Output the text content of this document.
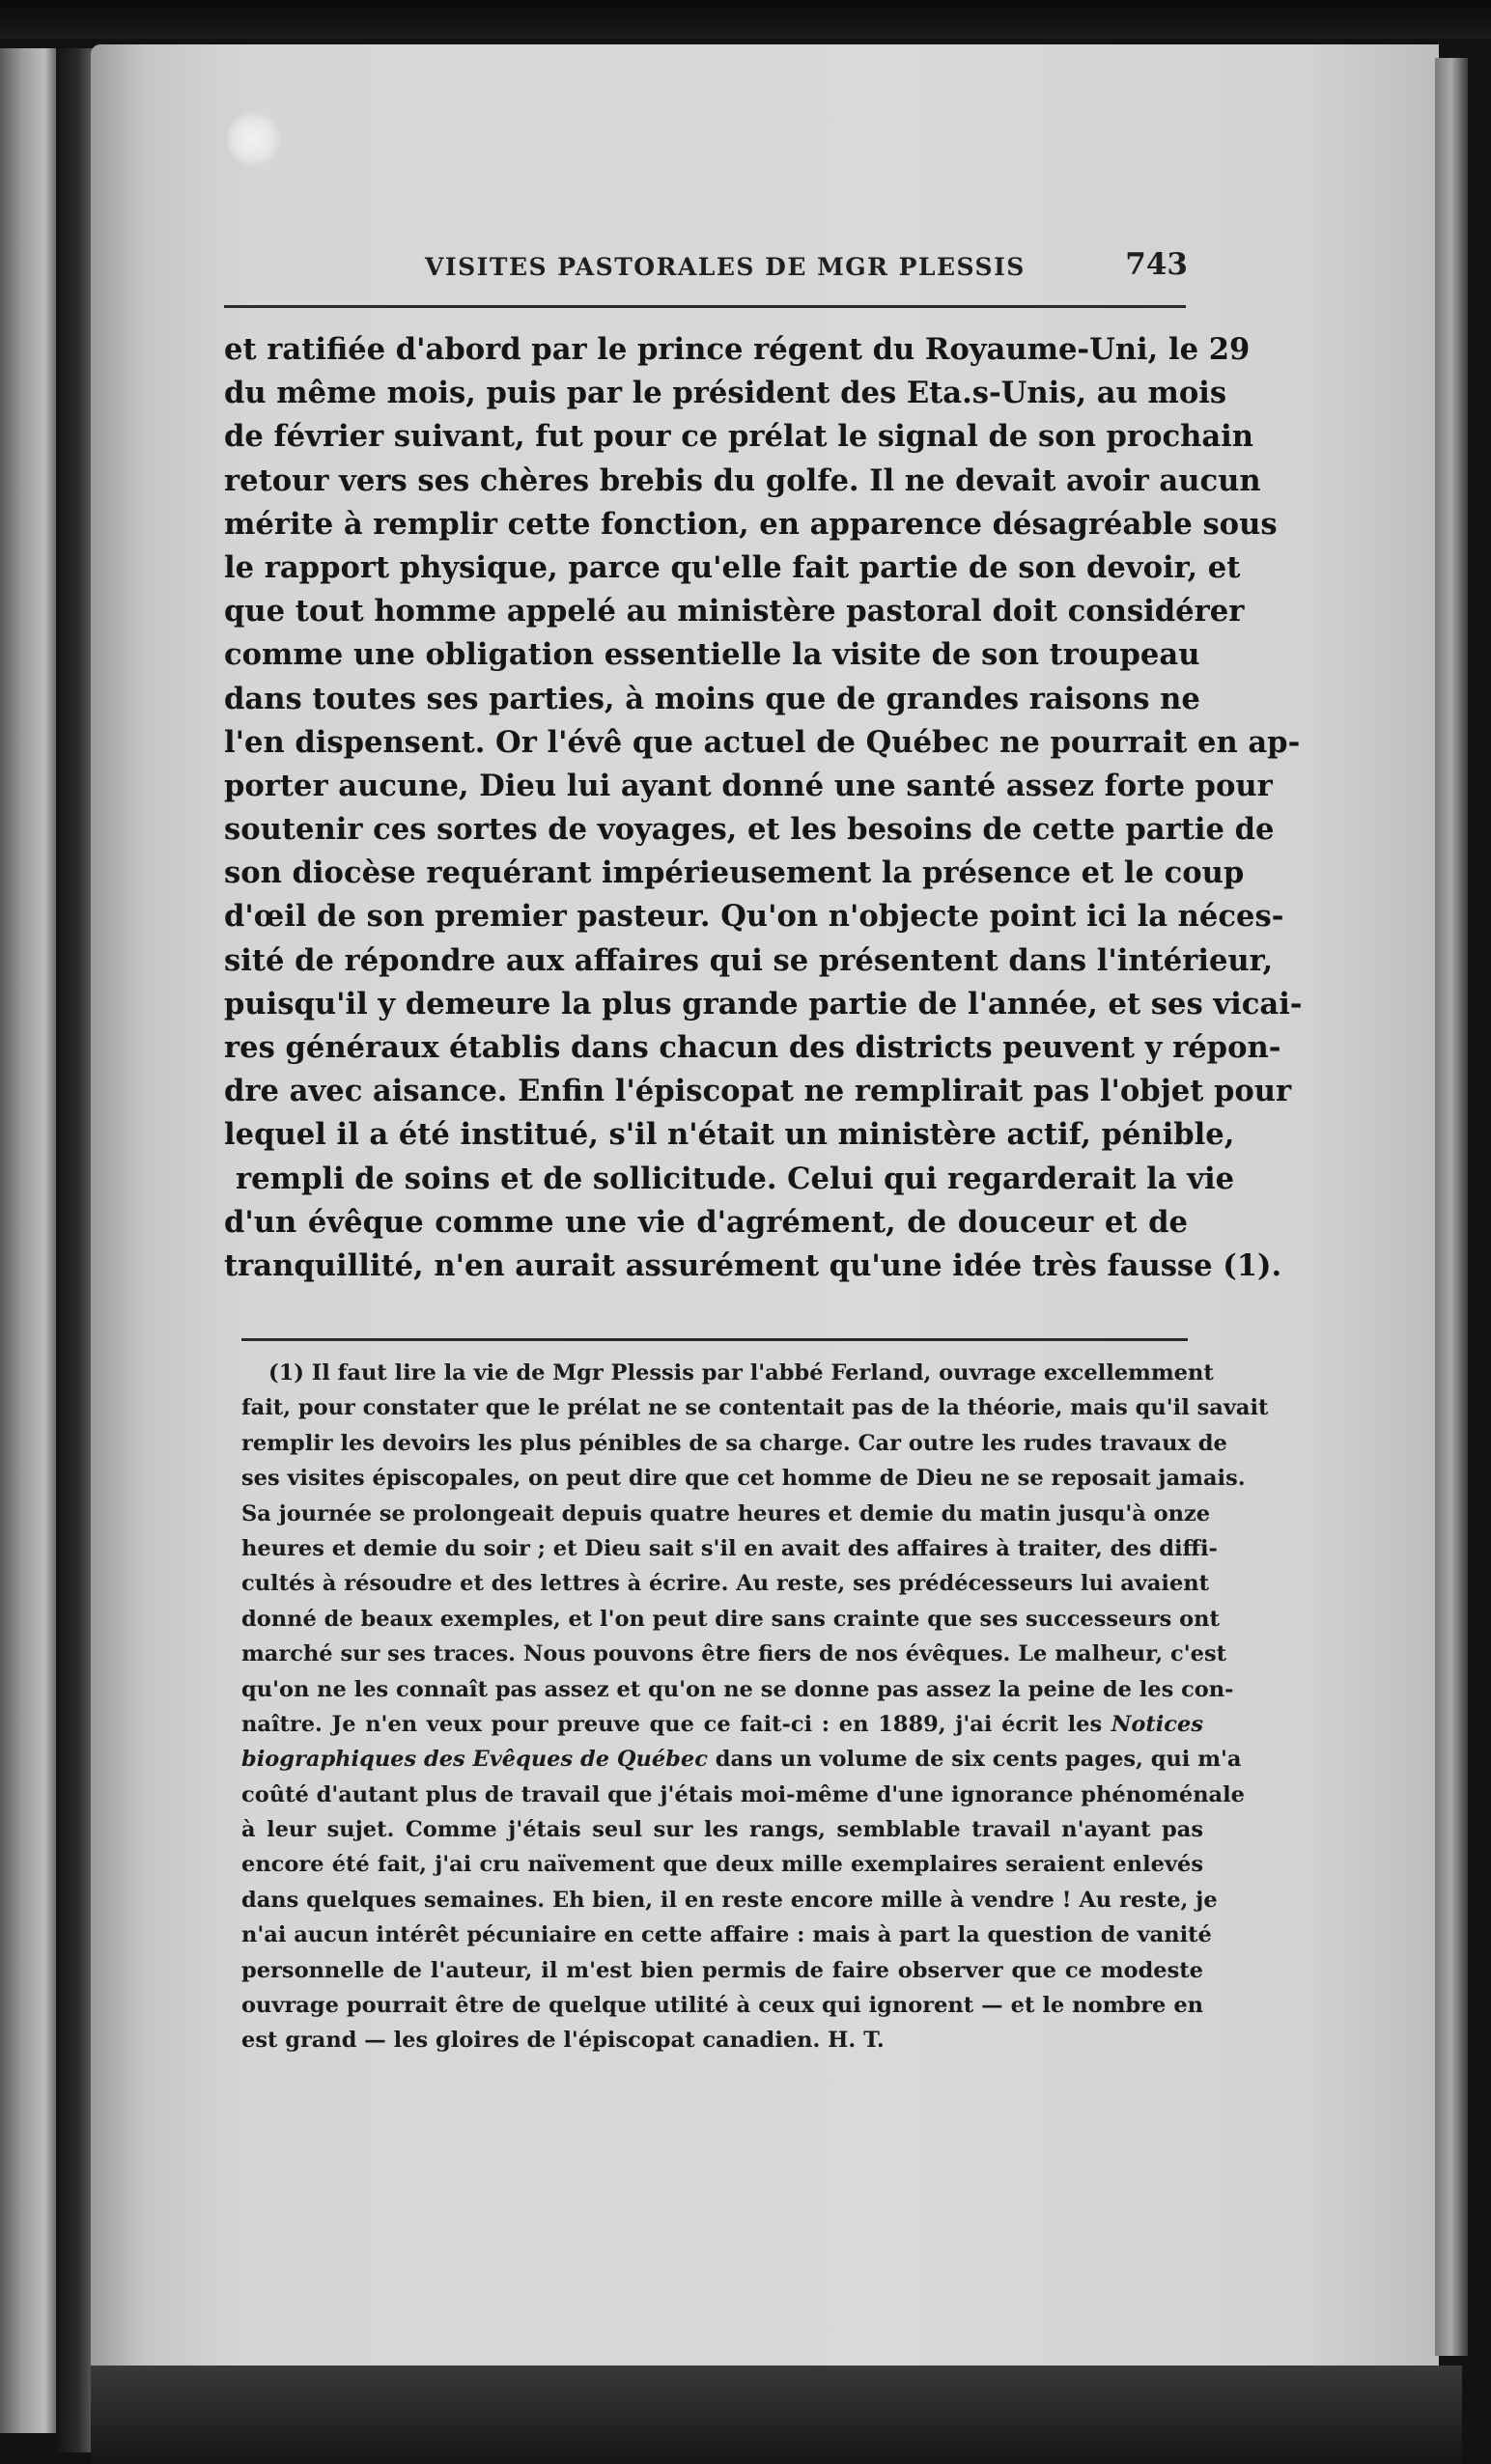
VISITES PASTORALES DE MGR PLESSIS	743
et ratifiée d'abord par le prince régent du Royaume-Uni, le 29
du même mois, puis par le président des Eta.s-Unis, au mois
de février suivant, fut pour ce prélat le signal de son prochain
retour vers ses chères brebis du golfe. Il ne devait avoir aucun
mérite à remplir cette fonction, en apparence désagréable sous
le rapport physique, parce qu'elle fait partie de son devoir, et
que tout homme appelé au ministère pastoral doit considérer
comme une obligation essentielle la visite de son troupeau
dans toutes ses parties, à moins que de grandes raisons ne
l'en dispensent. Or l'évê que actuel de Québec ne pourrait en ap-
porter aucune, Dieu lui ayant donné une santé assez forte pour
soutenir ces sortes de voyages, et les besoins de cette partie de
son diocèse requérant impérieusement la présence et le coup
d'œil de son premier pasteur. Qu'on n'objecte point ici la néces-
sité de répondre aux affaires qui se présentent dans l'intérieur,
puisqu'il y demeure la plus grande partie de l'année, et ses vicai-
res généraux établis dans chacun des districts peuvent y répon-
dre avec aisance. Enfin l'épiscopat ne remplirait pas l'objet pour
lequel il a été institué, s'il n'était un ministère actif, pénible,
rempli de soins et de sollicitude. Celui qui regarderait la vie
d'un évêque comme une vie d'agrément, de douceur et de
tranquillité, n'en aurait assurément qu'une idée très fausse (1).
(1) Il faut lire la vie de Mgr Plessis par l'abbé Ferland, ouvrage excellemment
fait, pour constater que le prélat ne se contentait pas de la théorie, mais qu'il savait
remplir les devoirs les plus pénibles de sa charge. Car outre les rudes travaux de
ses visites épiscopales, on peut dire que cet homme de Dieu ne se reposait jamais.
Sa journée se prolongeait depuis quatre heures et demie du matin jusqu'à onze
heures et demie du soir ; et Dieu sait s'il en avait des affaires à traiter, des diffi-
cultés à résoudre et des lettres à écrire. Au reste, ses prédécesseurs lui avaient
donné de beaux exemples, et l'on peut dire sans crainte que ses successeurs ont
marché sur ses traces. Nous pouvons être fiers de nos évêques. Le malheur, c'est
qu'on ne les connaît pas assez et qu'on ne se donne pas assez la peine de les con-
naître. Je n'en veux pour preuve que ce fait-ci : en 1889, j'ai écrit les Notices
biographiques des Evêques de Québec dans un volume de six cents pages, qui m'a
coûté d'autant plus de travail que j'étais moi-même d'une ignorance phénoménale
à leur sujet. Comme j'étais seul sur les rangs, semblable travail n'ayant pas
encore été fait, j'ai cru naïvement que deux mille exemplaires seraient enlevés
dans quelques semaines. Eh bien, il en reste encore mille à vendre ! Au reste, je
n'ai aucun intérêt pécuniaire en cette affaire : mais à part la question de vanité
personnelle de l'auteur, il m'est bien permis de faire observer que ce modeste
ouvrage pourrait être de quelque utilité à ceux qui ignorent — et le nombre en
est grand — les gloires de l'épiscopat canadien. H. T.
